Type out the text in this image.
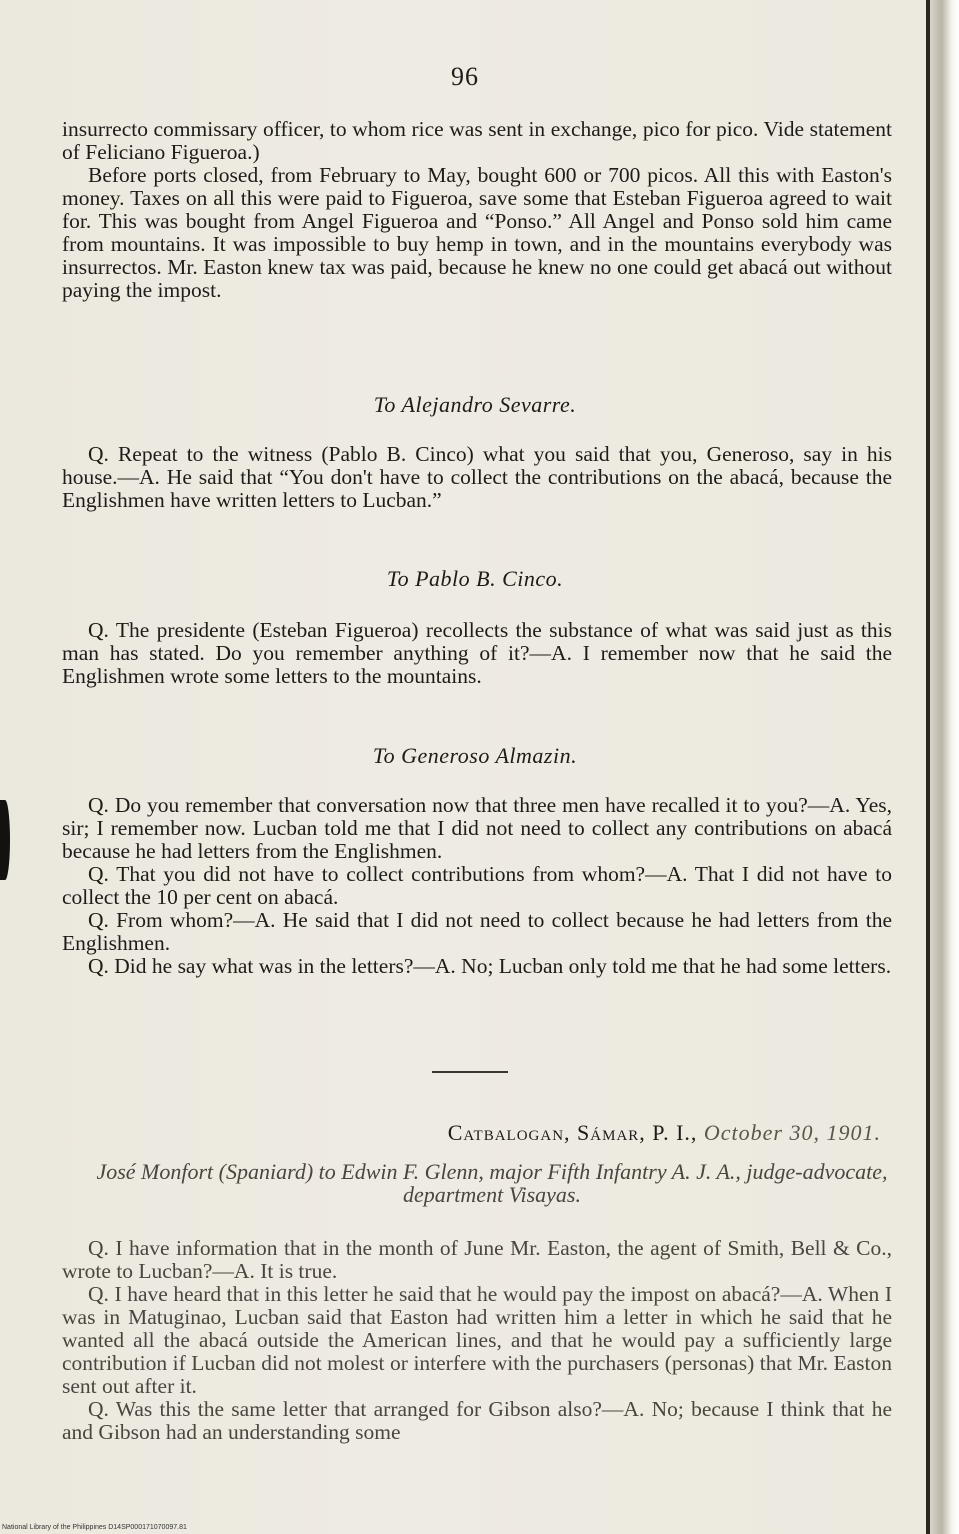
96

insurrecto commissary officer, to whom rice was sent in exchange, pico for pico. Vide statement of Feliciano Figueroa.)

Before ports closed, from February to May, bought 600 or 700 picos. All this with Easton's money. Taxes on all this were paid to Figueroa, save some that Esteban Figueroa agreed to wait for. This was bought from Angel Figueroa and “Ponso.” All Angel and Ponso sold him came from mountains. It was impossible to buy hemp in town, and in the mountains everybody was insurrectos. Mr. Easton knew tax was paid, because he knew no one could get abacá out without paying the impost.

To Alejandro Sevarre.

Q. Repeat to the witness (Pablo B. Cinco) what you said that you, Generoso, say in his house.—A. He said that “You don't have to collect the contributions on the abacá, because the Englishmen have written letters to Lucban.”

To Pablo B. Cinco.

Q. The presidente (Esteban Figueroa) recollects the substance of what was said just as this man has stated. Do you remember anything of it?—A. I remember now that he said the Englishmen wrote some letters to the mountains.

To Generoso Almazin.

Q. Do you remember that conversation now that three men have recalled it to you?—A. Yes, sir; I remember now. Lucban told me that I did not need to collect any contributions on abacá because he had letters from the Englishmen.

Q. That you did not have to collect contributions from whom?—A. That I did not have to collect the 10 per cent on abacá.

Q. From whom?—A. He said that I did not need to collect because he had letters from the Englishmen.

Q. Did he say what was in the letters?—A. No; Lucban only told me that he had some letters.

Catbalogan, Sámar, P. I., October 30, 1901.
José Monfort (Spaniard) to Edwin F. Glenn, major Fifth Infantry A. J. A., judge-advocate, department Visayas.

Q. I have information that in the month of June Mr. Easton, the agent of Smith, Bell & Co., wrote to Lucban?—A. It is true.

Q. I have heard that in this letter he said that he would pay the impost on abacá?—A. When I was in Matuginao, Lucban said that Easton had written him a letter in which he said that he wanted all the abacá outside the American lines, and that he would pay a sufficiently large contribution if Lucban did not molest or interfere with the purchasers (personas) that Mr. Easton sent out after it.

Q. Was this the same letter that arranged for Gibson also?—A. No; because I think that he and Gibson had an understanding some

National Library of the Philippines D14SP000171070097.81
